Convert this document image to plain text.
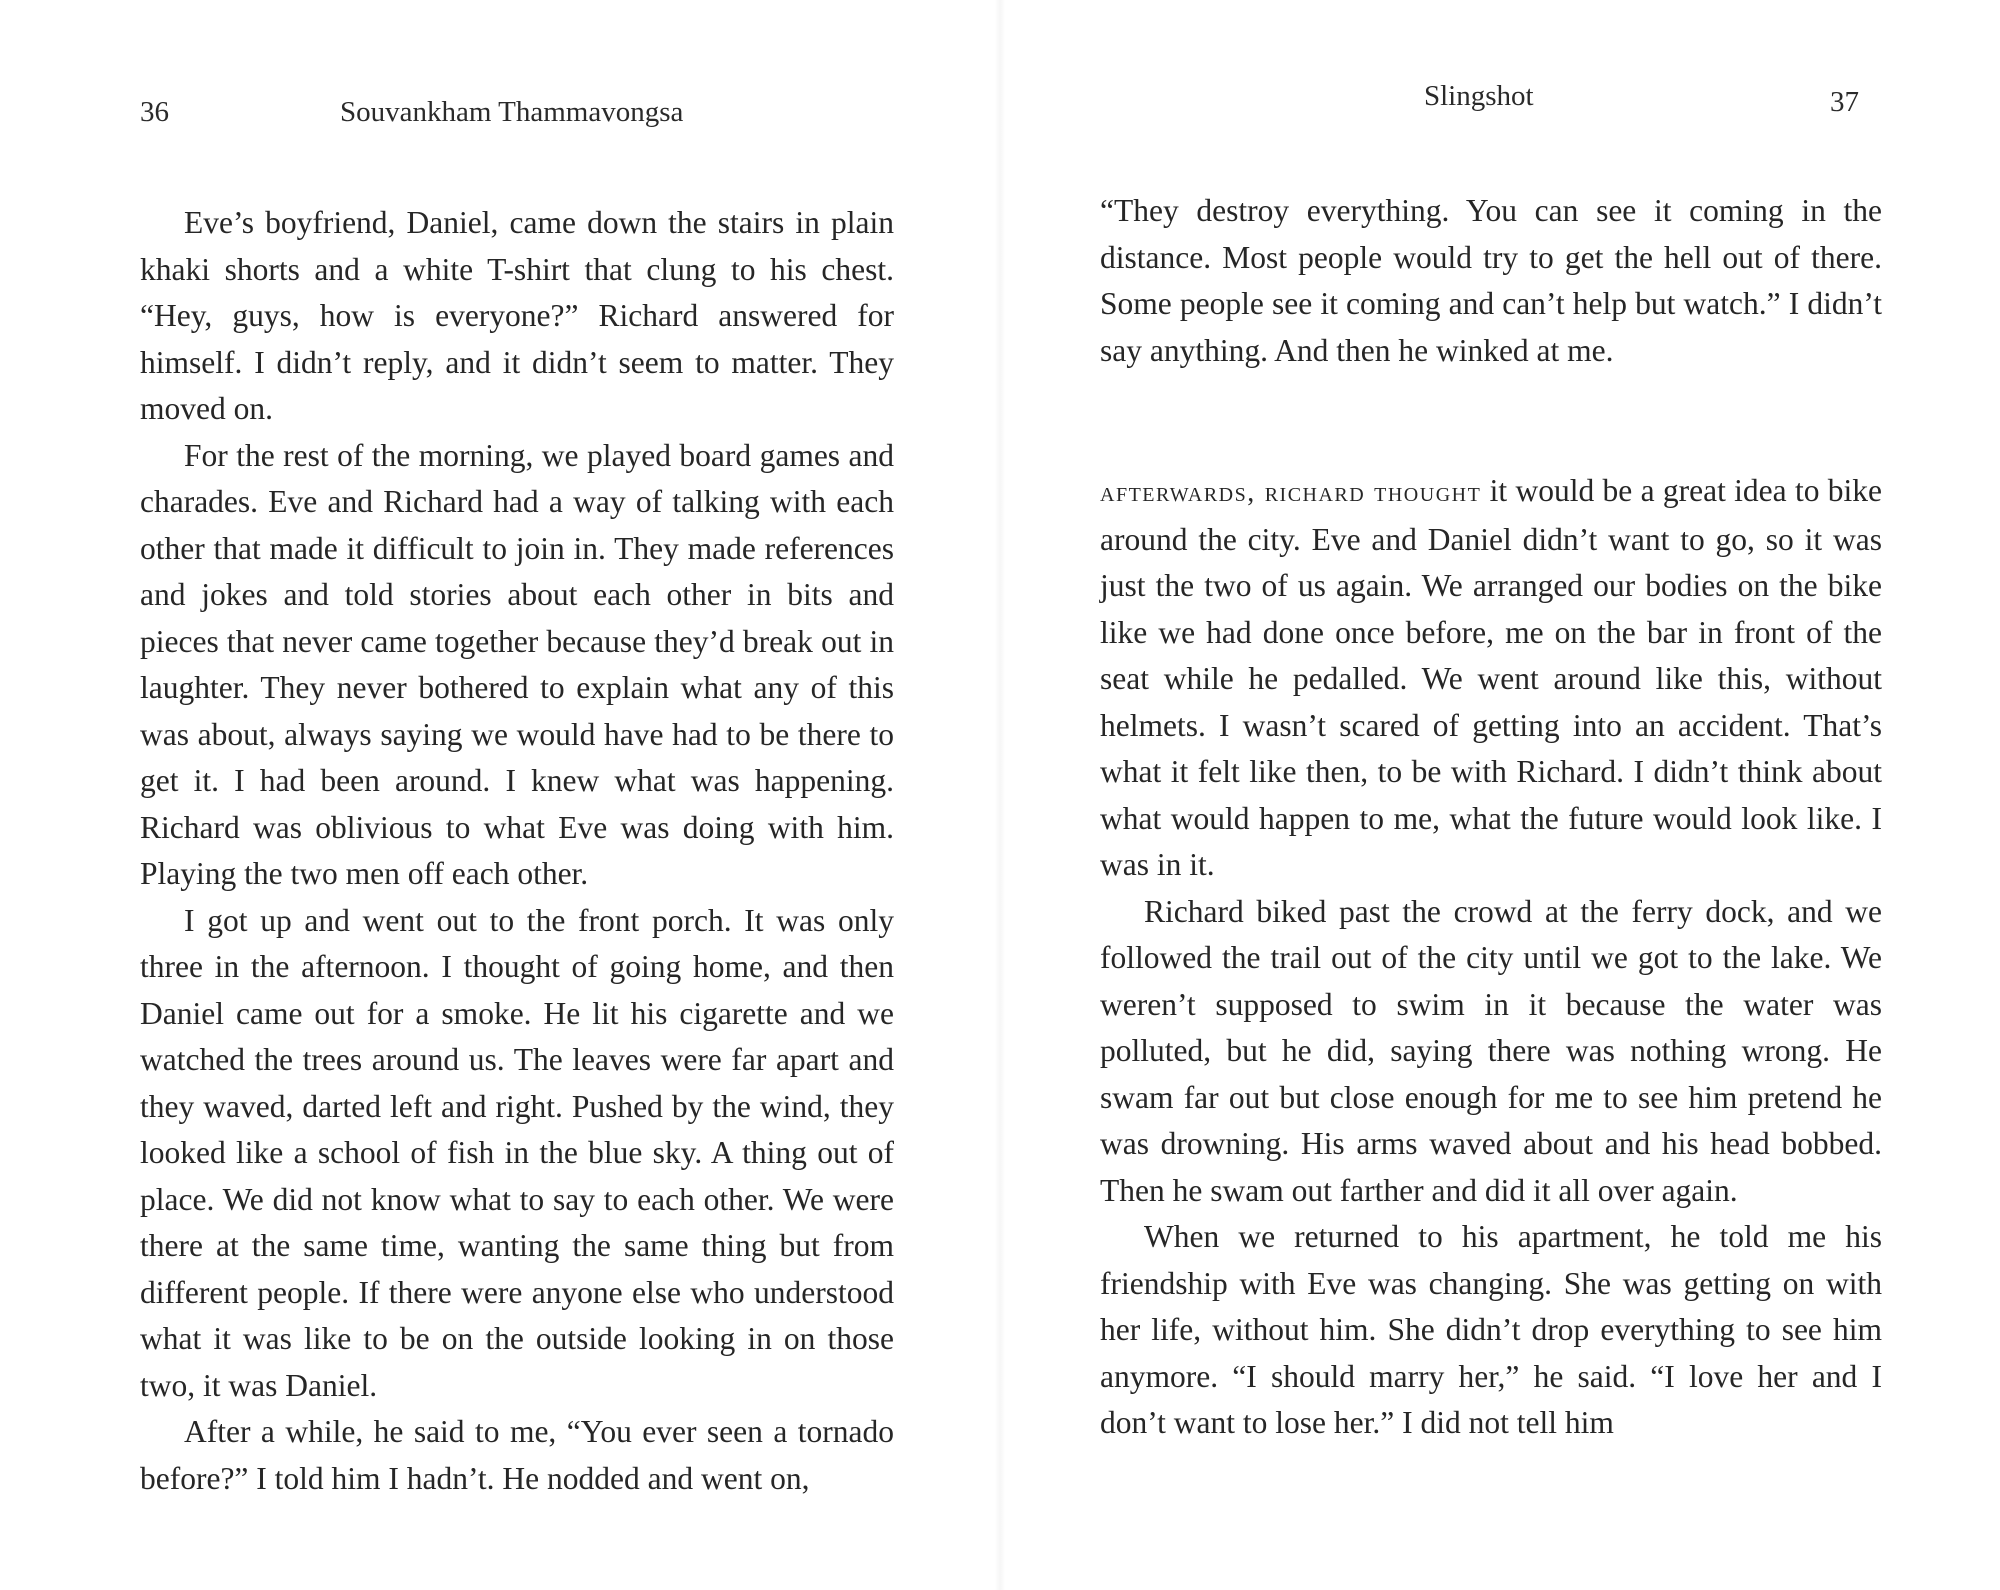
36	Souvankham Thammavongsa

Eve’s boyfriend, Daniel, came down the stairs in plain khaki shorts and a white T-shirt that clung to his chest. “Hey, guys, how is everyone?” Richard answered for himself. I didn’t reply, and it didn’t seem to matter. They moved on.

For the rest of the morning, we played board games and charades. Eve and Richard had a way of talking with each other that made it difficult to join in. They made references and jokes and told stories about each other in bits and pieces that never came together because they’d break out in laughter. They never bothered to explain what any of this was about, always saying we would have had to be there to get it. I had been around. I knew what was happening. Richard was oblivious to what Eve was doing with him. Playing the two men off each other.

I got up and went out to the front porch. It was only three in the afternoon. I thought of going home, and then Daniel came out for a smoke. He lit his cigarette and we watched the trees around us. The leaves were far apart and they waved, darted left and right. Pushed by the wind, they looked like a school of fish in the blue sky. A thing out of place. We did not know what to say to each other. We were there at the same time, wanting the same thing but from different people. If there were anyone else who understood what it was like to be on the outside looking in on those two, it was Daniel.

After a while, he said to me, “You ever seen a tornado before?” I told him I hadn’t. He nodded and went on,

Slingshot	37

“They destroy everything. You can see it coming in the distance. Most people would try to get the hell out of there. Some people see it coming and can’t help but watch.” I didn’t say anything. And then he winked at me.

afterwards, richard thought it would be a great idea to bike around the city. Eve and Daniel didn’t want to go, so it was just the two of us again. We arranged our bodies on the bike like we had done once before, me on the bar in front of the seat while he pedalled. We went around like this, without helmets. I wasn’t scared of getting into an accident. That’s what it felt like then, to be with Richard. I didn’t think about what would happen to me, what the future would look like. I was in it.

Richard biked past the crowd at the ferry dock, and we followed the trail out of the city until we got to the lake. We weren’t supposed to swim in it because the water was polluted, but he did, saying there was nothing wrong. He swam far out but close enough for me to see him pretend he was drowning. His arms waved about and his head bobbed. Then he swam out farther and did it all over again.

When we returned to his apartment, he told me his friendship with Eve was changing. She was getting on with her life, without him. She didn’t drop everything to see him anymore. “I should marry her,” he said. “I love her and I don’t want to lose her.” I did not tell him
